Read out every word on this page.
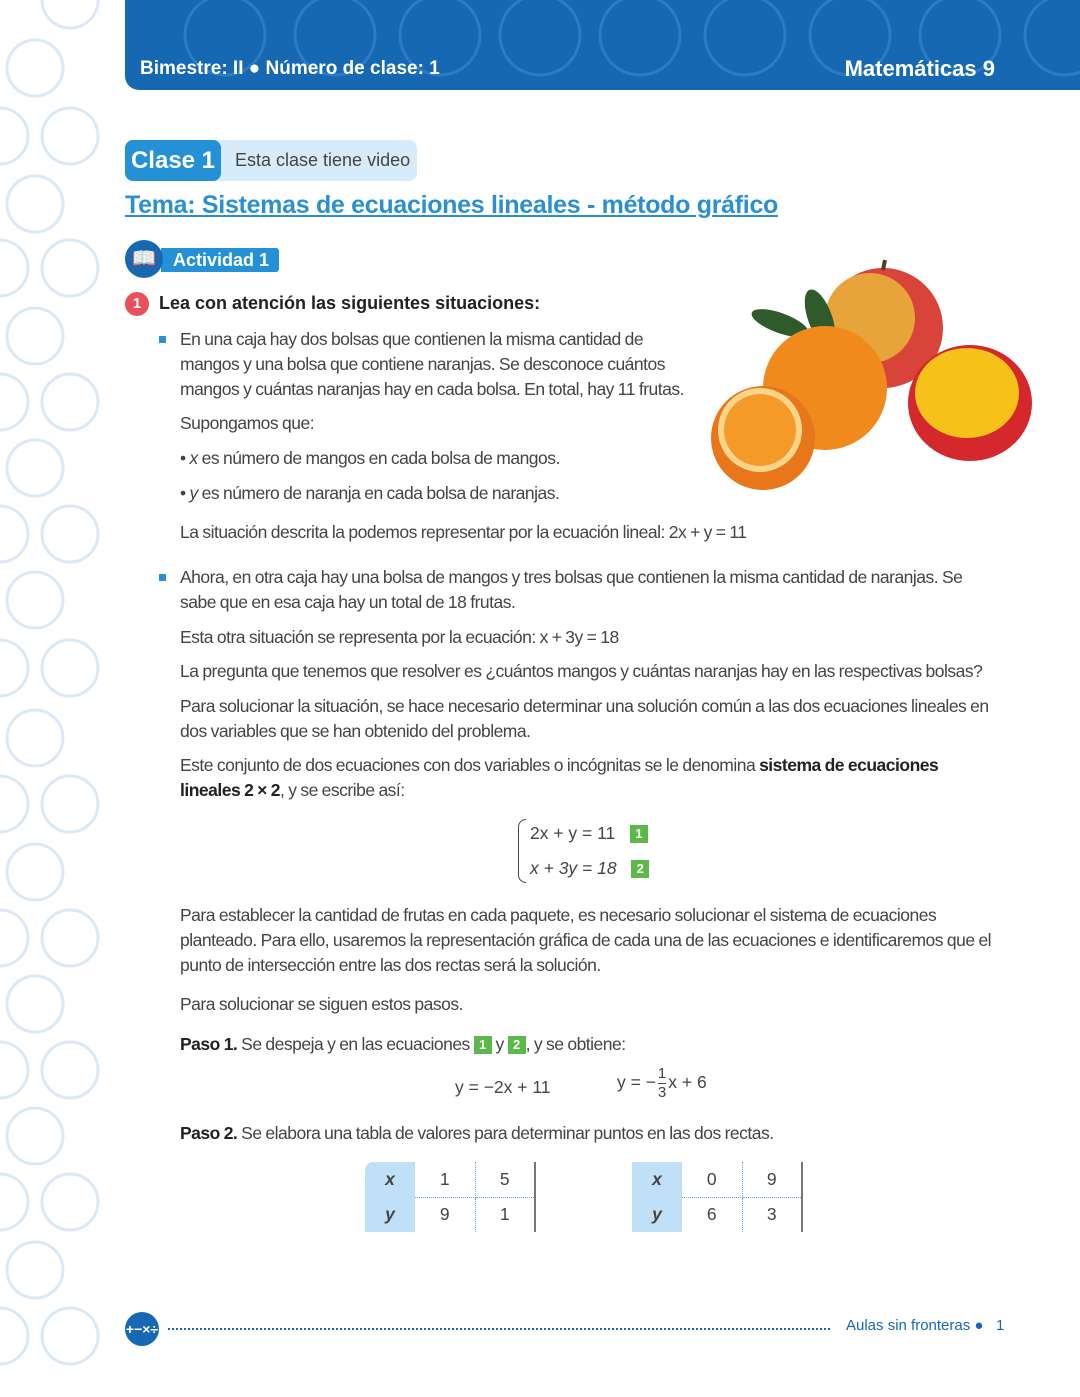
Bimestre: II ● Número de clase: 1	Matemáticas 9
Clase 1	Esta clase tiene video
Tema: Sistemas de ecuaciones lineales - método gráfico
Actividad 1
📖
1 Lea con atención las siguientes situaciones:
En una caja hay dos bolsas que contienen la misma cantidad de mangos y una bolsa que contiene naranjas. Se desconoce cuántos mangos y cuántas naranjas hay en cada bolsa. En total, hay 11 frutas.
Supongamos que:
• x es número de mangos en cada bolsa de mangos.
• y es número de naranja en cada bolsa de naranjas.
La situación descrita la podemos representar por la ecuación lineal: 2x + y = 11
Ahora, en otra caja hay una bolsa de mangos y tres bolsas que contienen la misma cantidad de naranjas. Se sabe que en esa caja hay un total de 18 frutas.
Esta otra situación se representa por la ecuación: x + 3y = 18
La pregunta que tenemos que resolver es ¿cuántos mangos y cuántas naranjas hay en las respectivas bolsas?
Para solucionar la situación, se hace necesario determinar una solución común a las dos ecuaciones lineales en dos variables que se han obtenido del problema.
Este conjunto de dos ecuaciones con dos variables o incógnitas se le denomina sistema de ecuaciones lineales 2 × 2, y se escribe así:
2x + y = 11 1
x + 3y = 18 2
Para establecer la cantidad de frutas en cada paquete, es necesario solucionar el sistema de ecuaciones planteado. Para ello, usaremos la representación gráfica de cada una de las ecuaciones e identificaremos que el punto de intersección entre las dos rectas será la solución.
Para solucionar se siguen estos pasos.
Paso 1. Se despeja y en las ecuaciones 1 y 2 , y se obtiene:
y = −2x + 11	y = − $\frac{1}{3}$ x + 6
Paso 2. Se elabora una tabla de valores para determinar puntos en las dos rectas.
x	1	5
y	9	1
x	0	9
y	6	3
+−×÷	Aulas sin fronteras ● 1
